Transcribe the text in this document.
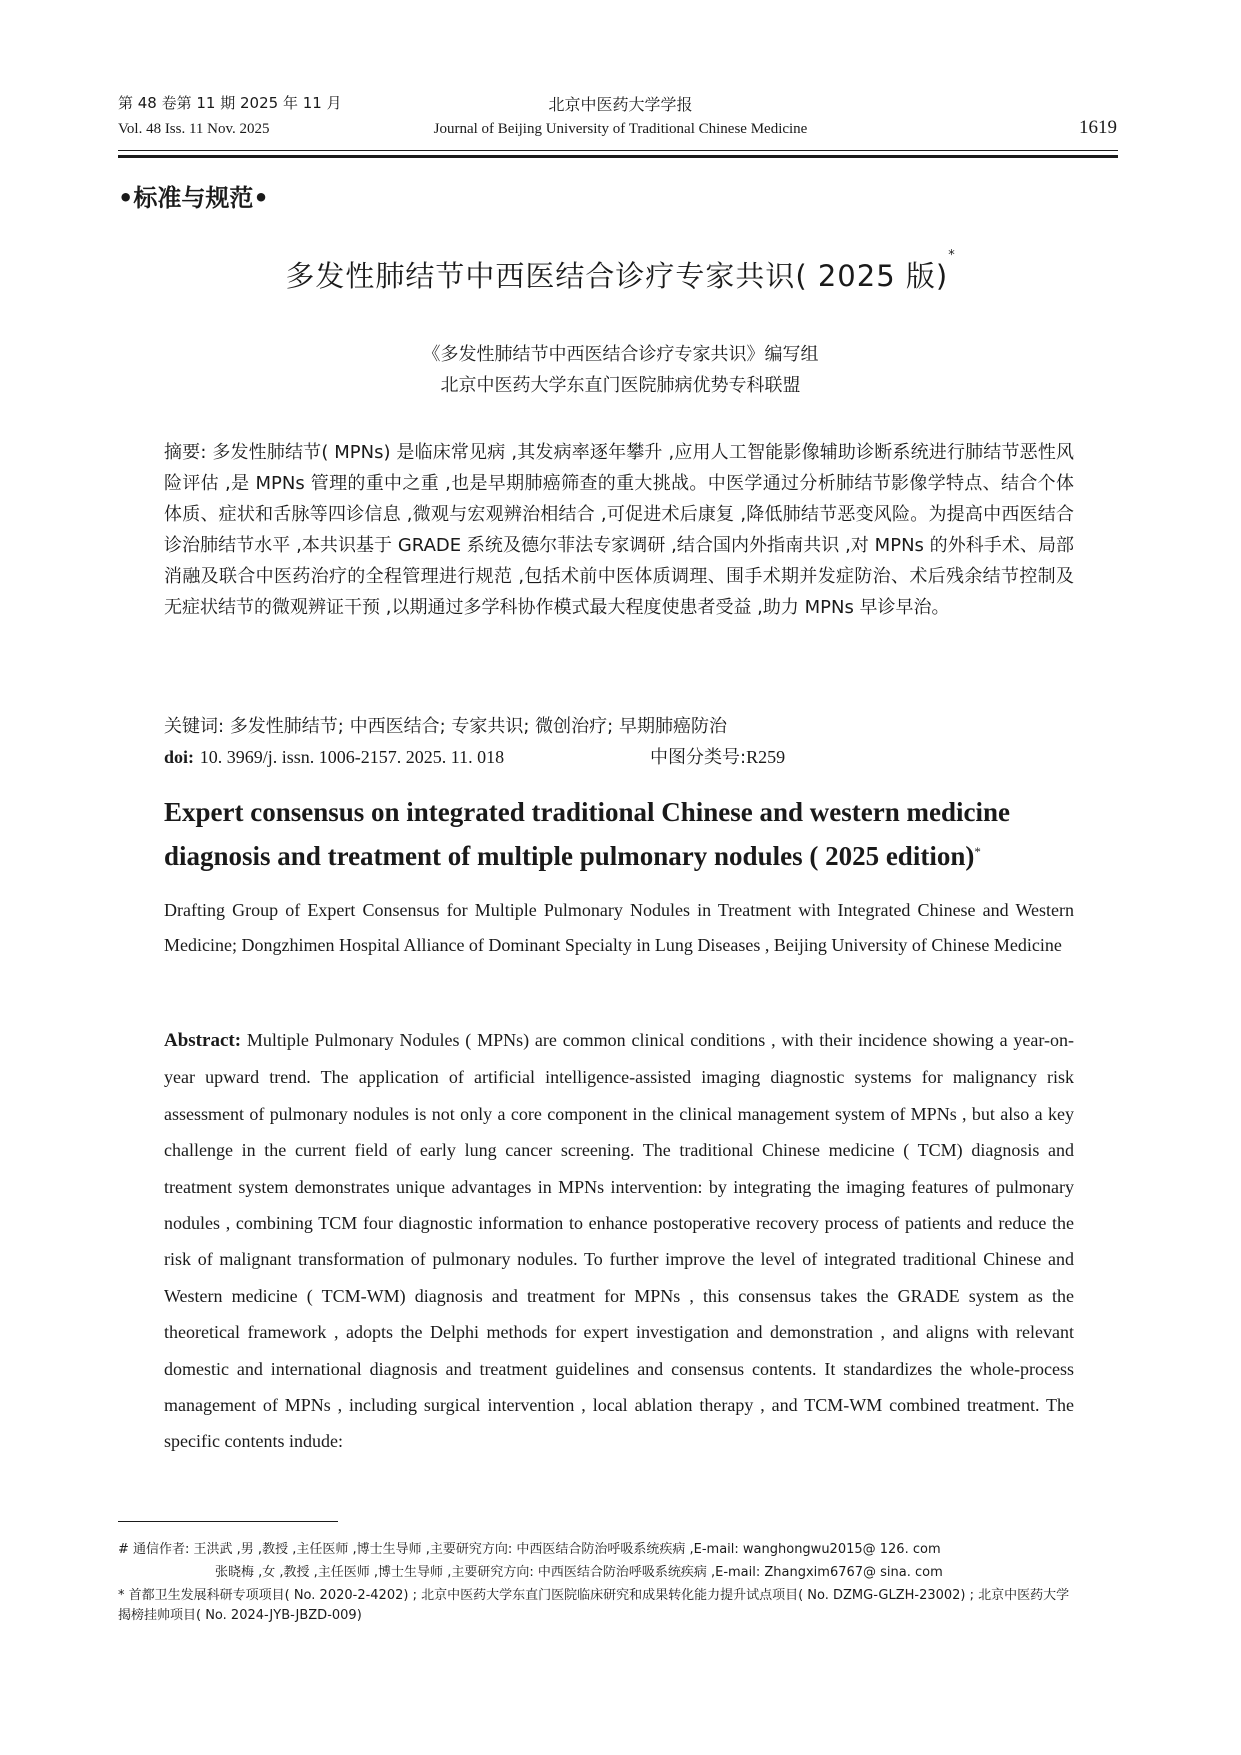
第 48 卷第 11 期 2025 年 11 月
Vol. 48 Iss. 11 Nov. 2025
北京中医药大学学报
Journal of Beijing University of Traditional Chinese Medicine	1619
•标准与规范•
多发性肺结节中西医结合诊疗专家共识( 2025 版)*
《多发性肺结节中西医结合诊疗专家共识》编写组
北京中医药大学东直门医院肺病优势专科联盟
摘要: 多发性肺结节( MPNs) 是临床常见病 ,其发病率逐年攀升 ,应用人工智能影像辅助诊断系统进行肺结节恶性风险评估 ,是 MPNs 管理的重中之重 ,也是早期肺癌筛查的重大挑战。中医学通过分析肺结节影像学特点、结合个体体质、症状和舌脉等四诊信息 ,微观与宏观辨治相结合 ,可促进术后康复 ,降低肺结节恶变风险。为提高中西医结合诊治肺结节水平 ,本共识基于 GRADE 系统及德尔菲法专家调研 ,结合国内外指南共识 ,对 MPNs 的外科手术、局部消融及联合中医药治疗的全程管理进行规范 ,包括术前中医体质调理、围手术期并发症防治、术后残余结节控制及无症状结节的微观辨证干预 ,以期通过多学科协作模式最大程度使患者受益 ,助力 MPNs 早诊早治。
关键词: 多发性肺结节; 中西医结合; 专家共识; 微创治疗; 早期肺癌防治
doi: 10. 3969/j. issn. 1006-2157. 2025. 11. 018	中图分类号:R259
Expert consensus on integrated traditional Chinese and western medicine diagnosis and treatment of multiple pulmonary nodules ( 2025 edition)*
Drafting Group of Expert Consensus for Multiple Pulmonary Nodules in Treatment with Integrated Chinese and Western Medicine; Dongzhimen Hospital Alliance of Dominant Specialty in Lung Diseases , Beijing University of Chinese Medicine
Abstract: Multiple Pulmonary Nodules ( MPNs) are common clinical conditions , with their incidence showing a year-on-year upward trend. The application of artificial intelligence-assisted imaging diagnostic systems for malignancy risk assessment of pulmonary nodules is not only a core component in the clinical management system of MPNs , but also a key challenge in the current field of early lung cancer screening. The traditional Chinese medicine ( TCM) diagnosis and treatment system demonstrates unique advantages in MPNs intervention: by integrating the imaging features of pulmonary nodules , combining TCM four diagnostic information to enhance postoperative recovery process of patients and reduce the risk of malignant transformation of pulmonary nodules. To further improve the level of integrated traditional Chinese and Western medicine ( TCM-WM) diagnosis and treatment for MPNs , this consensus takes the GRADE system as the theoretical framework , adopts the Delphi methods for expert investigation and demonstration , and aligns with relevant domestic and international diagnosis and treatment guidelines and consensus contents. It standardizes the whole-process management of MPNs , including surgical intervention , local ablation therapy , and TCM-WM combined treatment. The specific contents indude:
# 通信作者: 王洪武 ,男 ,教授 ,主任医师 ,博士生导师 ,主要研究方向: 中西医结合防治呼吸系统疾病 ,E-mail: wanghongwu2015@ 126. com
张晓梅 ,女 ,教授 ,主任医师 ,博士生导师 ,主要研究方向: 中西医结合防治呼吸系统疾病 ,E-mail: Zhangxim6767@ sina. com
* 首都卫生发展科研专项项目( No. 2020-2-4202) ; 北京中医药大学东直门医院临床研究和成果转化能力提升试点项目( No. DZMG-GLZH-23002) ; 北京中医药大学揭榜挂帅项目( No. 2024-JYB-JBZD-009)
